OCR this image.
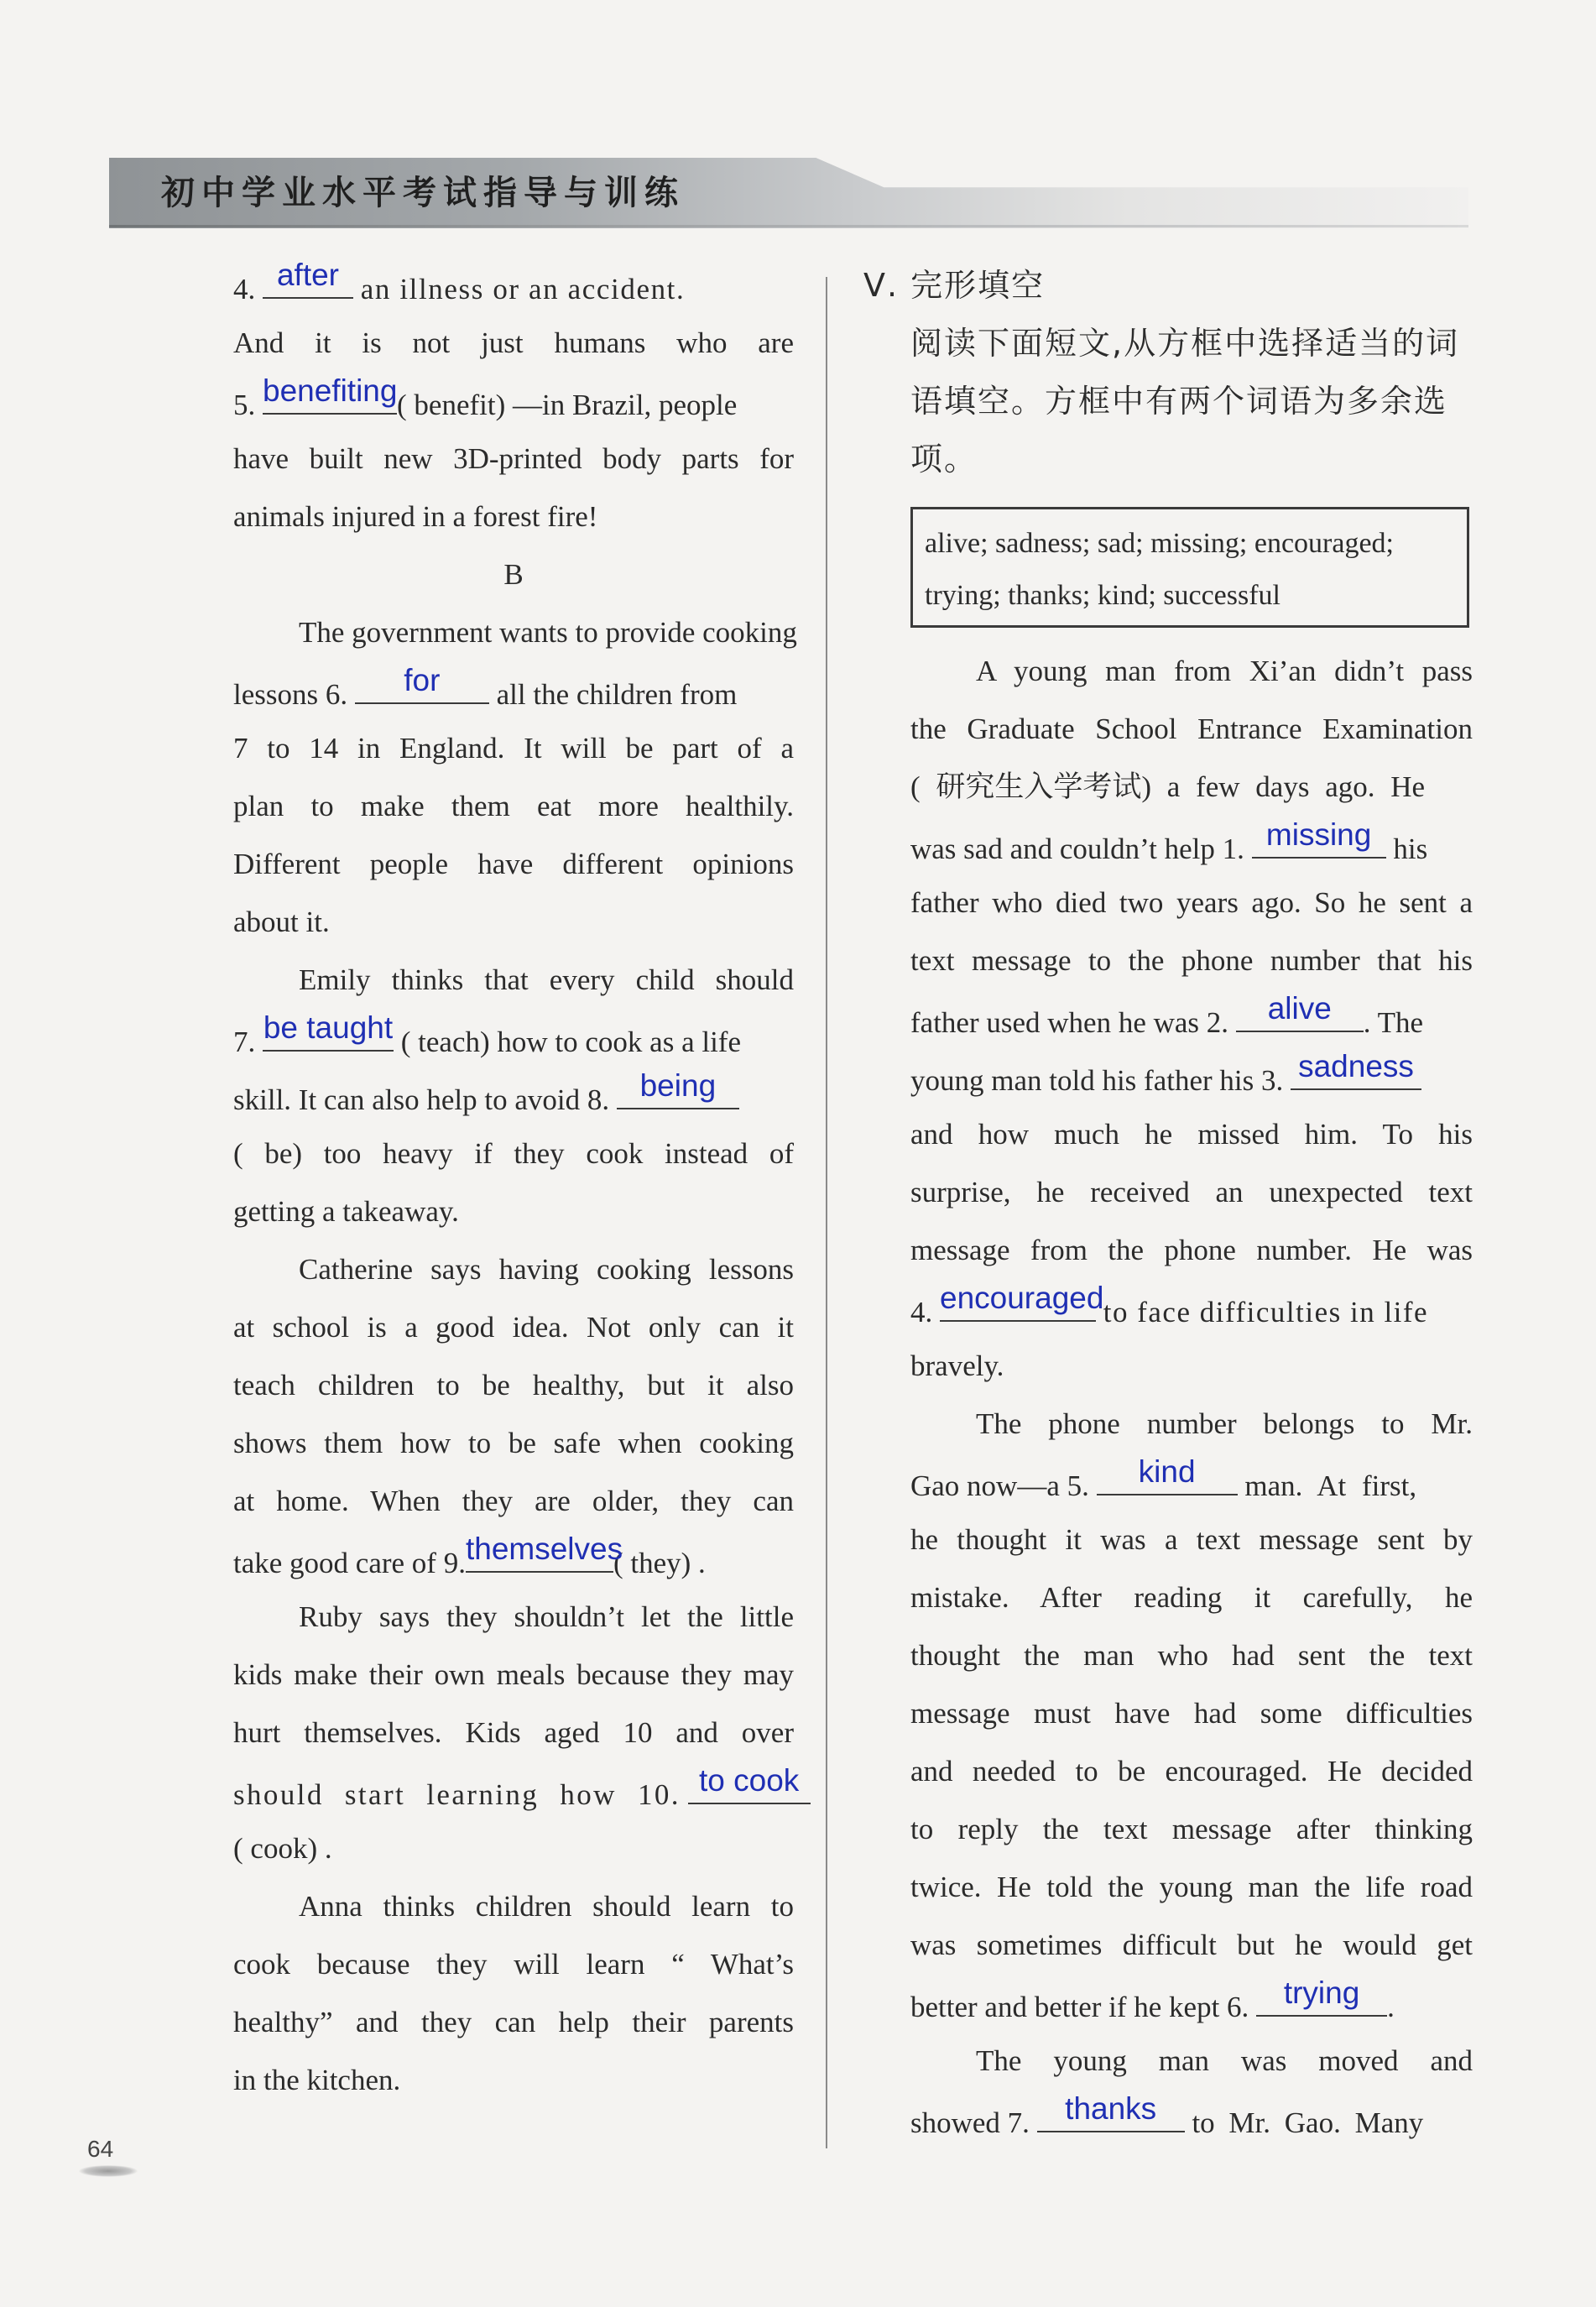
初中学业水平考试指导与训练
4. after an illness or an accident.
And it is not just humans who are
5. benefiting ( benefit) —in Brazil, people
have built new 3D-printed body parts for
animals injured in a forest fire!
B
The government wants to provide cooking
lessons 6.	for	all the children from
7 to 14 in England. It will be part of a
plan to make them eat more healthily.
Different people have different opinions
about it.
Emily thinks that every child should
7. be taught ( teach) how to cook as a life
skill. It can also help to avoid 8. being
( be) too heavy if they cook instead of
getting a takeaway.
Catherine says having cooking lessons
at school is a good idea. Not only can it
teach children to be healthy, but it also
shows them how to be safe when cooking
at home. When they are older, they can
take good care of 9. themselves
( they) .
Ruby says they shouldn’t let the little
kids make their own meals because they may
hurt themselves. Kids aged 10 and over
should start learning how 10. to cook
( cook) .
Anna thinks children should learn to
cook because they will learn “ What’s
healthy” and they can help their parents
in the kitchen.
Ⅴ. 完形填空
阅读下面短文,从方框中选择适当的词
语填空。方框中有两个词语为多余选
项。
alive; sadness; sad; missing; encouraged;
trying; thanks; kind; successful
A young man from Xi’an didn’t pass
the Graduate School Entrance Examination
( 研究生入学考试) a few days ago. He
was sad and couldn’t help 1. missing his
father who died two years ago. So he sent a
text message to the phone number that his
father used when he was 2.	alive	. The
young man told his father his 3. sadness
and how much he missed him. To his
surprise, he received an unexpected text
message from the phone number. He was
4. encouraged to face difficulties in life
bravely.
The phone number belongs to Mr.
Gao now—a 5.	kind	man. At first,
he thought it was a text message sent by
mistake. After reading it carefully, he
thought the man who had sent the text
message must have had some difficulties
and needed to be encouraged. He decided
to reply the text message after thinking
twice. He told the young man the life road
was sometimes difficult but he would get
better and better if he kept 6.	trying .
The young man was moved and
showed 7.	thanks	to Mr. Gao. Many
64
